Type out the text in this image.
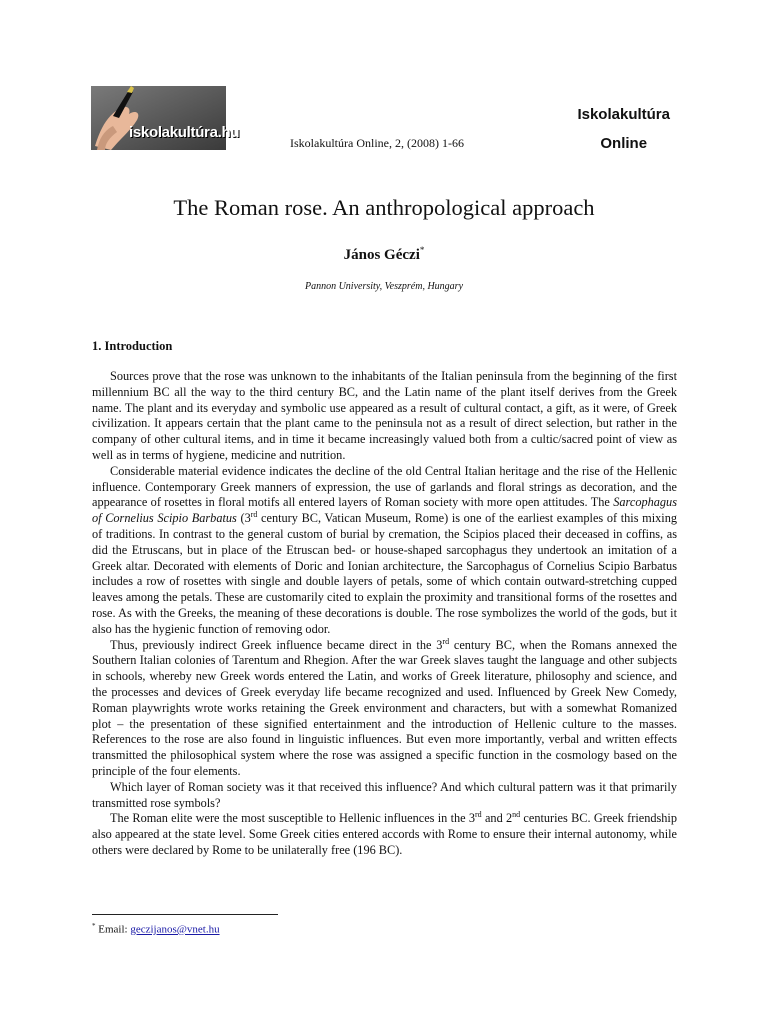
iskolakultúra.hu
Iskolakultúra Online, 2, (2008) 1-66
Iskolakultúra
Online
The Roman rose. An anthropological approach
János Géczi*
Pannon University, Veszprém, Hungary
1. Introduction

Sources prove that the rose was unknown to the inhabitants of the Italian peninsula from the beginning of the first millennium BC all the way to the third century BC, and the Latin name of the plant itself derives from the Greek name. The plant and its everyday and symbolic use appeared as a result of cultural contact, a gift, as it were, of Greek civilization. It appears certain that the plant came to the peninsula not as a result of direct selection, but rather in the company of other cultural items, and in time it became increasingly valued both from a cultic/sacred point of view as well as in terms of hygiene, medicine and nutrition.

Considerable material evidence indicates the decline of the old Central Italian heritage and the rise of the Hellenic influence. Contemporary Greek manners of expression, the use of garlands and floral strings as decoration, and the appearance of rosettes in floral motifs all entered layers of Roman society with more open attitudes. The Sarcophagus of Cornelius Scipio Barbatus (3rd century BC, Vatican Museum, Rome) is one of the earliest examples of this mixing of traditions. In contrast to the general custom of burial by cremation, the Scipios placed their deceased in coffins, as did the Etruscans, but in place of the Etruscan bed- or house-shaped sarcophagus they undertook an imitation of a Greek altar. Decorated with elements of Doric and Ionian architecture, the Sarcophagus of Cornelius Scipio Barbatus includes a row of rosettes with single and double layers of petals, some of which contain outward-stretching cupped leaves among the petals. These are customarily cited to explain the proximity and transitional forms of the rosettes and rose. As with the Greeks, the meaning of these decorations is double. The rose symbolizes the world of the gods, but it also has the hygienic function of removing odor.

Thus, previously indirect Greek influence became direct in the 3rd century BC, when the Romans annexed the Southern Italian colonies of Tarentum and Rhegion. After the war Greek slaves taught the language and other subjects in schools, whereby new Greek words entered the Latin, and works of Greek literature, philosophy and science, and the processes and devices of Greek everyday life became recognized and used. Influenced by Greek New Comedy, Roman playwrights wrote works retaining the Greek environment and characters, but with a somewhat Romanized plot – the presentation of these signified entertainment and the introduction of Hellenic culture to the masses. References to the rose are also found in linguistic influences. But even more importantly, verbal and written effects transmitted the philosophical system where the rose was assigned a specific function in the cosmology based on the principle of the four elements.

Which layer of Roman society was it that received this influence? And which cultural pattern was it that primarily transmitted rose symbols?

The Roman elite were the most susceptible to Hellenic influences in the 3rd and 2nd centuries BC. Greek friendship also appeared at the state level. Some Greek cities entered accords with Rome to ensure their internal autonomy, while others were declared by Rome to be unilaterally free (196 BC).

* Email: geczijanos@vnet.hu
